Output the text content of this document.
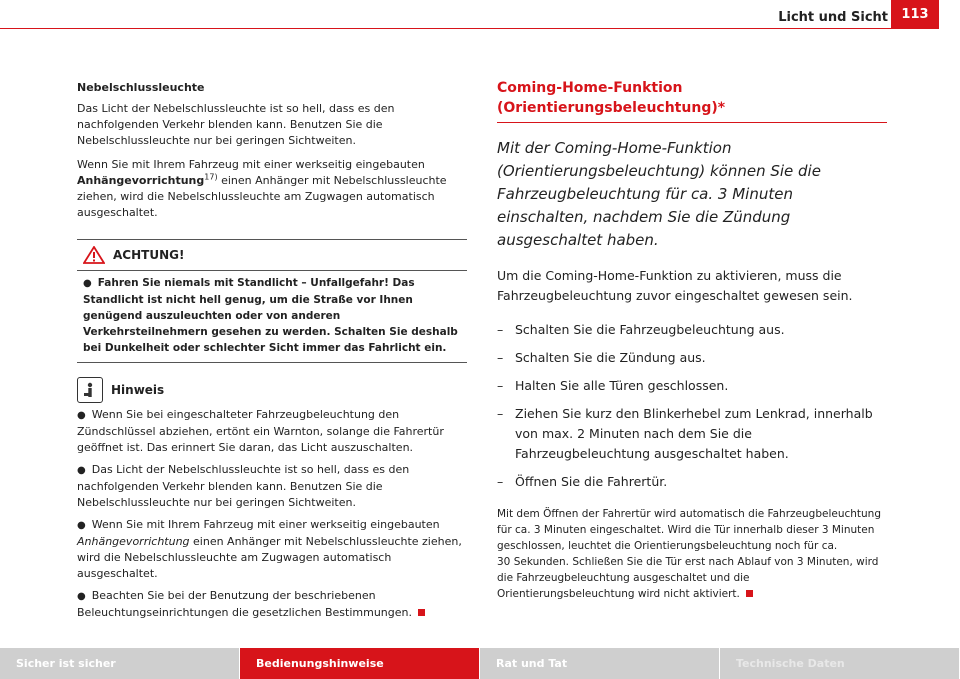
Licht und Sicht	113
Nebelschlussleuchte

Das Licht der Nebelschlussleuchte ist so hell, dass es den nachfolgenden Verkehr blenden kann. Benutzen Sie die Nebelschlussleuchte nur bei geringen Sichtweiten.

Wenn Sie mit Ihrem Fahrzeug mit einer werkseitig eingebauten
Anhängevorrichtung$^{17)}$ einen Anhänger mit Nebelschlussleuchte ziehen, wird die Nebelschlussleuchte am Zugwagen automatisch ausgeschaltet.

ACHTUNG!
● Fahren Sie niemals mit Standlicht – Unfallgefahr! Das Standlicht ist nicht hell genug, um die Straße vor Ihnen genügend auszuleuchten oder von anderen Verkehrsteilnehmern gesehen zu werden. Schalten Sie deshalb bei Dunkelheit oder schlechter Sicht immer das Fahrlicht ein.
Hinweis

● Wenn Sie bei eingeschalteter Fahrzeugbeleuchtung den Zündschlüssel abziehen, ertönt ein Warnton, solange die Fahrertür geöffnet ist. Das erinnert Sie daran, das Licht auszuschalten.

● Das Licht der Nebelschlussleuchte ist so hell, dass es den nachfolgenden Verkehr blenden kann. Benutzen Sie die Nebelschlussleuchte nur bei geringen Sichtweiten.

● Wenn Sie mit Ihrem Fahrzeug mit einer werkseitig eingebauten Anhängevorrichtung einen Anhänger mit Nebelschlussleuchte ziehen, wird die Nebelschlussleuchte am Zugwagen automatisch ausgeschaltet.

● Beachten Sie bei der Benutzung der beschriebenen Beleuchtungseinrichtungen die gesetzlichen Bestimmungen.

Coming-Home-Funktion (Orientierungsbeleuchtung)*
Mit der Coming-Home-Funktion (Orientierungsbeleuchtung) können Sie die Fahrzeugbeleuchtung für ca. 3 Minuten einschalten, nachdem Sie die Zündung ausgeschaltet haben.

Um die Coming-Home-Funktion zu aktivieren, muss die Fahrzeugbeleuchtung zuvor eingeschaltet gewesen sein.

– Schalten Sie die Fahrzeugbeleuchtung aus.
– Schalten Sie die Zündung aus.
– Halten Sie alle Türen geschlossen.
– Ziehen Sie kurz den Blinkerhebel zum Lenkrad, innerhalb von max. 2 Minuten nach dem Sie die Fahrzeugbeleuchtung ausgeschaltet haben.
– Öffnen Sie die Fahrertür.
Mit dem Öffnen der Fahrertür wird automatisch die Fahrzeugbeleuchtung für ca. 3 Minuten eingeschaltet. Wird die Tür innerhalb dieser 3 Minuten geschlossen, leuchtet die Orientierungsbeleuchtung noch für ca.
30 Sekunden. Schließen Sie die Tür erst nach Ablauf von 3 Minuten, wird die Fahrzeugbeleuchtung ausgeschaltet und die Orientierungsbeleuchtung wird nicht aktiviert.
Sicher ist sicher	Bedienungshinweise	Rat und Tat	Technische Daten
